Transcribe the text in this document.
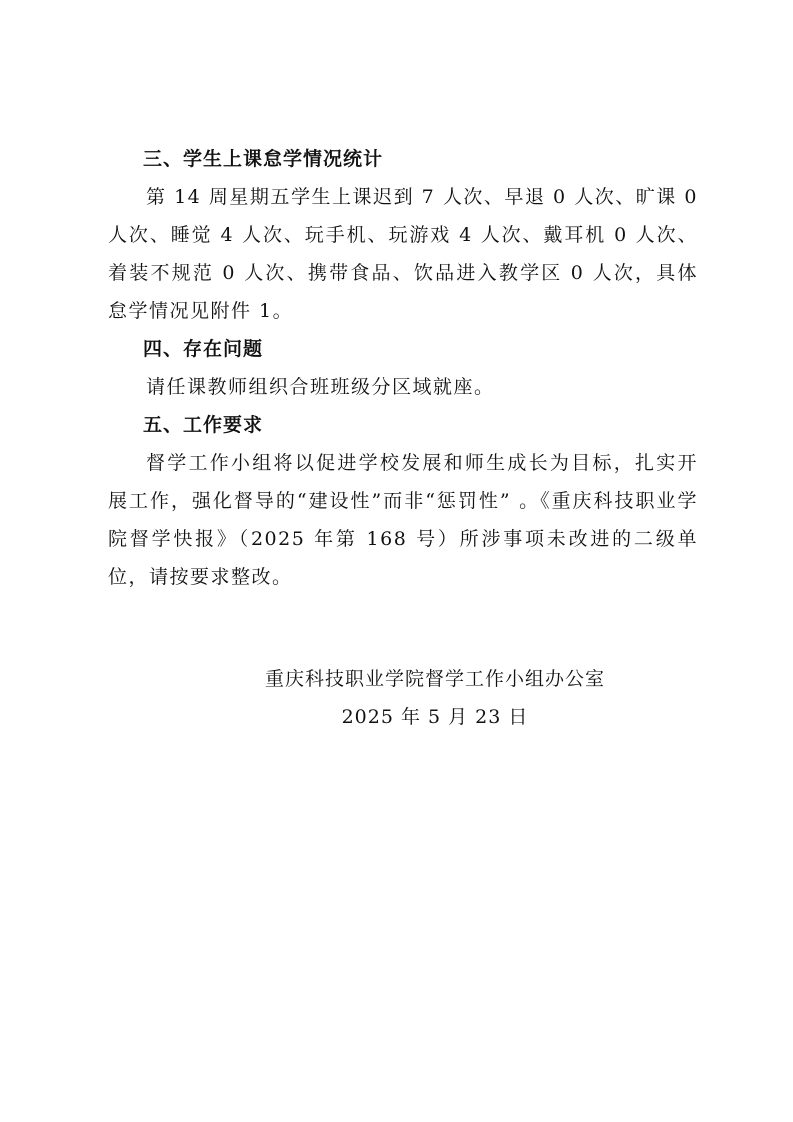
三、学生上课怠学情况统计

第 14 周星期五学生上课迟到 7 人次、早退 0 人次、旷课 0 人次、睡觉 4 人次、玩手机、玩游戏 4 人次、戴耳机 0 人次、着装不规范 0 人次、携带食品、饮品进入教学区 0 人次，具体怠学情况见附件 1。

四、存在问题

请任课教师组织合班班级分区域就座。

五、工作要求

督学工作小组将以促进学校发展和师生成长为目标，扎实开展工作，强化督导的“建设性”而非“惩罚性” 。《重庆科技职业学院督学快报》（2025 年第 168 号）所涉事项未改进的二级单位，请按要求整改。

重庆科技职业学院督学工作小组办公室
2025 年 5 月 23 日
